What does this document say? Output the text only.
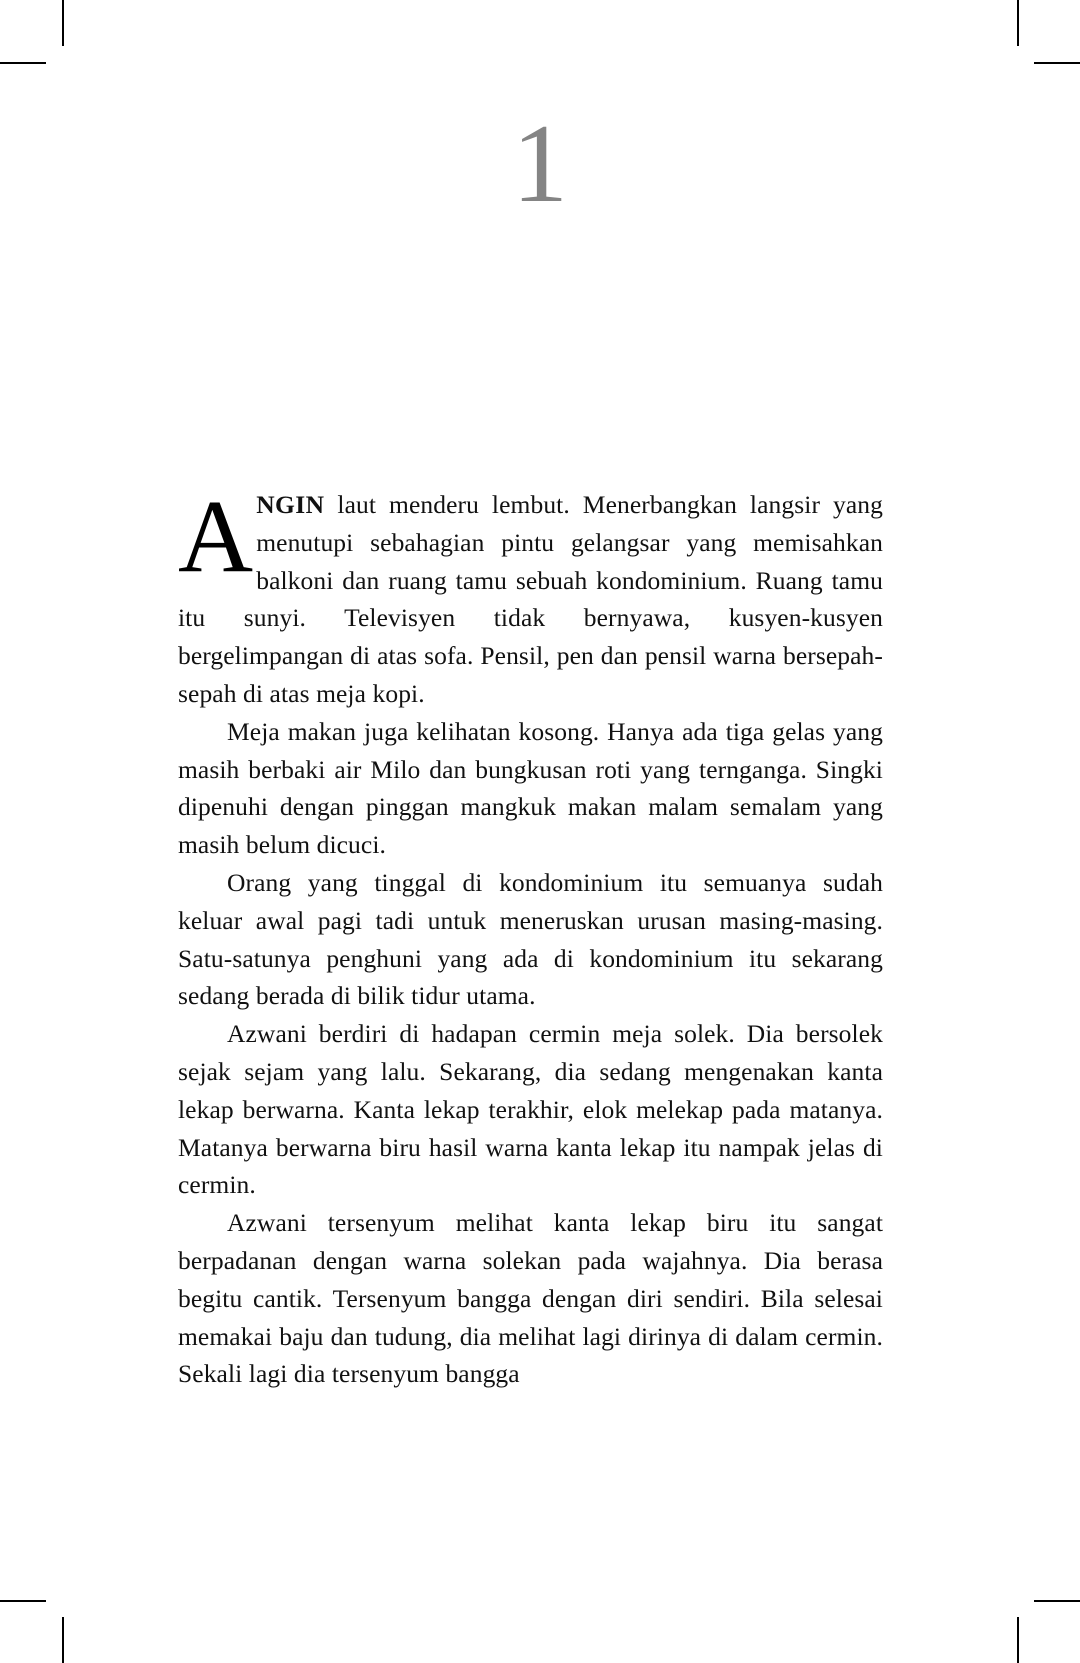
1

ANGIN laut menderu lembut. Menerbangkan langsir yang menutupi sebahagian pintu gelangsar yang memisahkan balkoni dan ruang tamu sebuah kondominium. Ruang tamu itu sunyi. Televisyen tidak bernyawa, kusyen-kusyen bergelimpangan di atas sofa. Pensil, pen dan pensil warna bersepah-sepah di atas meja kopi.

Meja makan juga kelihatan kosong. Hanya ada tiga gelas yang masih berbaki air Milo dan bungkusan roti yang ternganga. Singki dipenuhi dengan pinggan mangkuk makan malam semalam yang masih belum dicuci.

Orang yang tinggal di kondominium itu semuanya sudah keluar awal pagi tadi untuk meneruskan urusan masing-masing. Satu-satunya penghuni yang ada di kondominium itu sekarang sedang berada di bilik tidur utama.

Azwani berdiri di hadapan cermin meja solek. Dia bersolek sejak sejam yang lalu. Sekarang, dia sedang mengenakan kanta lekap berwarna. Kanta lekap terakhir, elok melekap pada matanya. Matanya berwarna biru hasil warna kanta lekap itu nampak jelas di cermin.

Azwani tersenyum melihat kanta lekap biru itu sangat berpadanan dengan warna solekan pada wajahnya. Dia berasa begitu cantik. Tersenyum bangga dengan diri sendiri. Bila selesai memakai baju dan tudung, dia melihat lagi dirinya di dalam cermin. Sekali lagi dia tersenyum bangga
